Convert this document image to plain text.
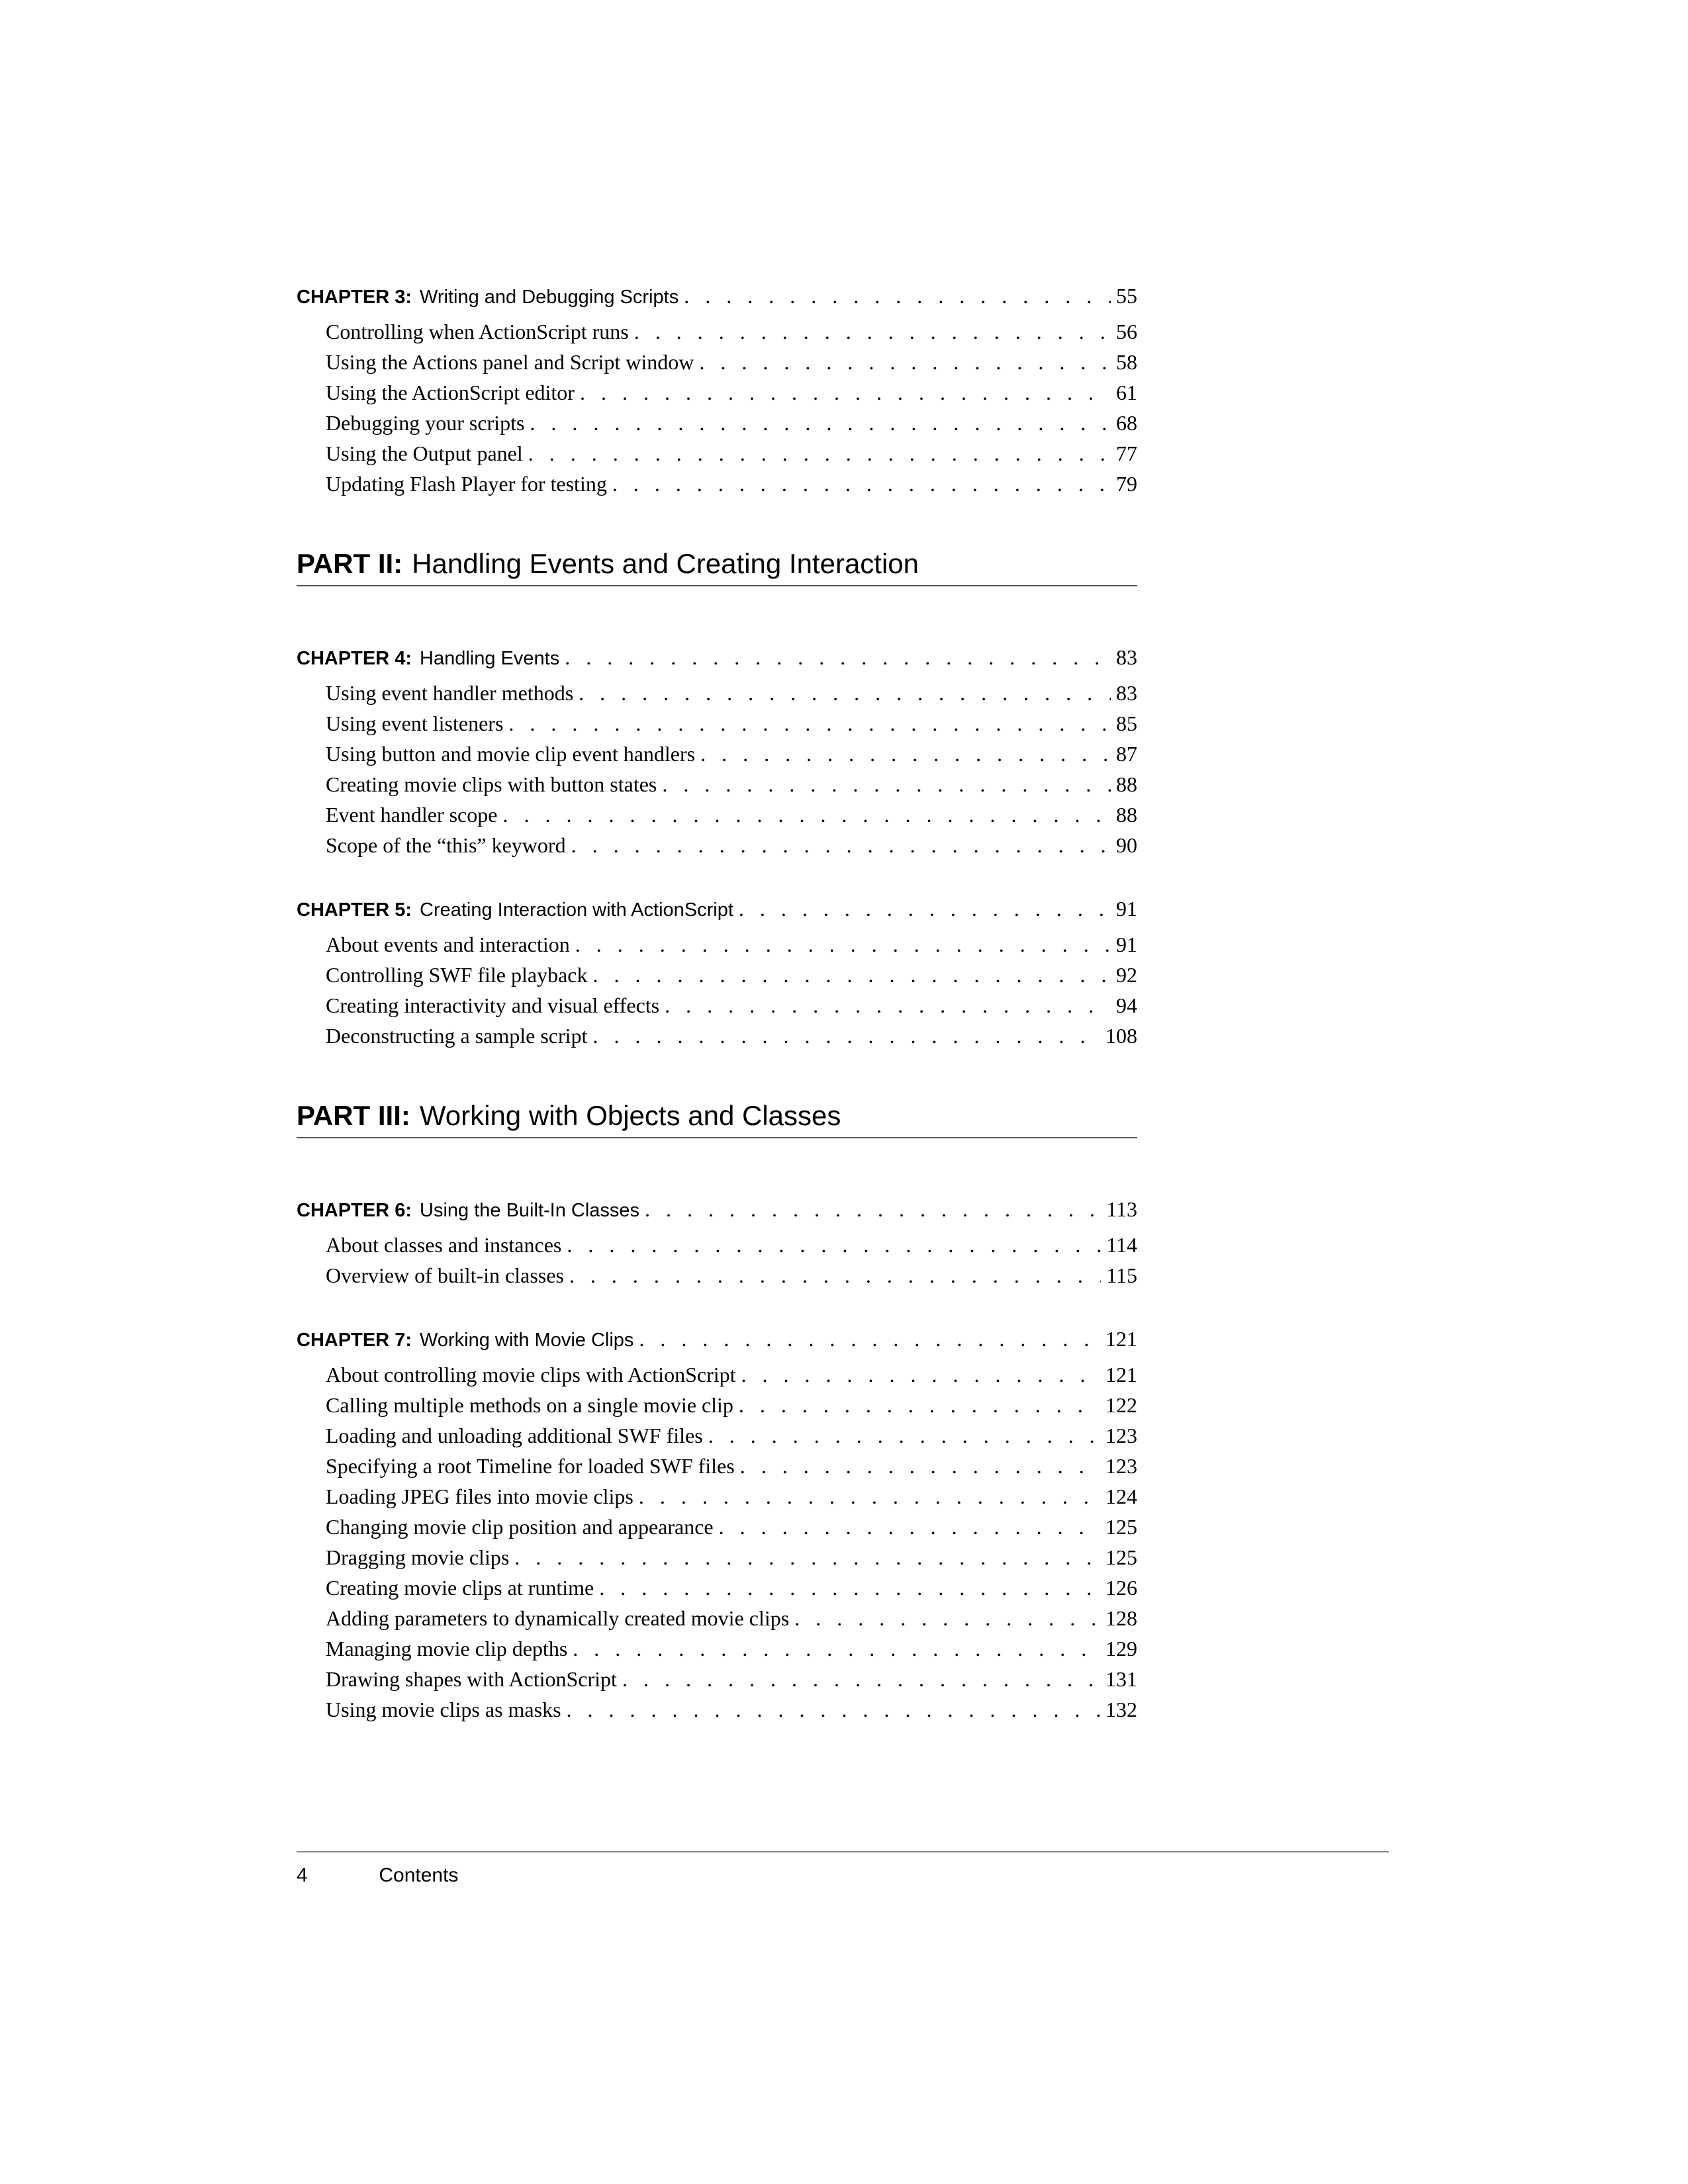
CHAPTER 3: Writing and Debugging Scripts . . .	55
Controlling when ActionScript runs . . .	56
Using the Actions panel and Script window . . .	58
Using the ActionScript editor . . .	61
Debugging your scripts . . .	68
Using the Output panel . . .	77
Updating Flash Player for testing . . .	79
PART II: Handling Events and Creating Interaction
CHAPTER 4: Handling Events . . .	83
Using event handler methods . . .	83
Using event listeners . . .	85
Using button and movie clip event handlers . . .	87
Creating movie clips with button states . . .	88
Event handler scope . . .	88
Scope of the “this” keyword . . .	90
CHAPTER 5: Creating Interaction with ActionScript . . .	91
About events and interaction . . .	91
Controlling SWF file playback . . .	92
Creating interactivity and visual effects . . .	94
Deconstructing a sample script . . .	108
PART III: Working with Objects and Classes
CHAPTER 6: Using the Built-In Classes . . .	113
About classes and instances . . .	114
Overview of built-in classes . . .	115
CHAPTER 7: Working with Movie Clips . . .	121
About controlling movie clips with ActionScript . . .	121
Calling multiple methods on a single movie clip . . .	122
Loading and unloading additional SWF files . . .	123
Specifying a root Timeline for loaded SWF files . . .	123
Loading JPEG files into movie clips . . .	124
Changing movie clip position and appearance . . .	125
Dragging movie clips . . .	125
Creating movie clips at runtime . . .	126
Adding parameters to dynamically created movie clips . . .	128
Managing movie clip depths . . .	129
Drawing shapes with ActionScript . . .	131
Using movie clips as masks . . .	132
4	Contents
